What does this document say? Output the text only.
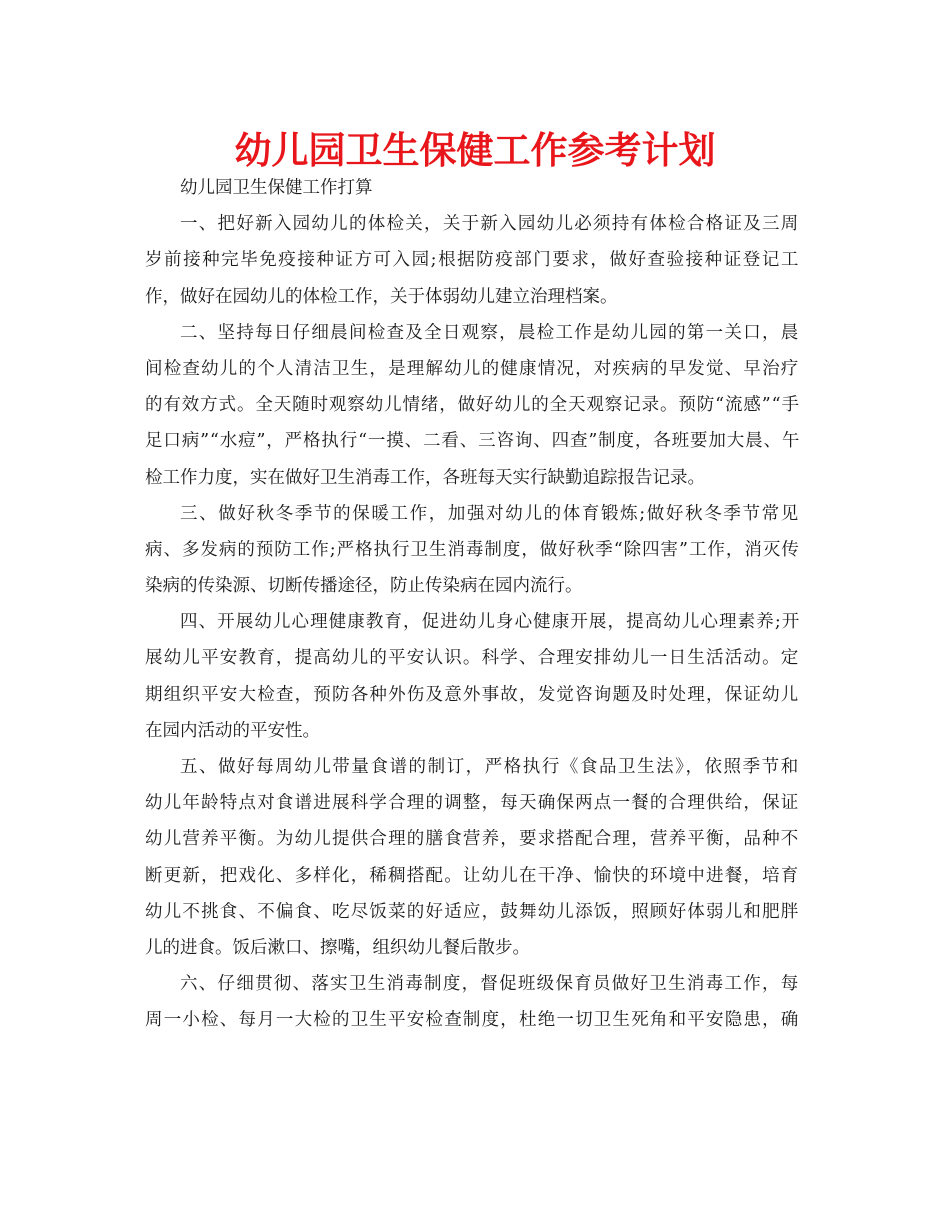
幼儿园卫生保健工作参考计划
幼儿园卫生保健工作打算
一、把好新入园幼儿的体检关，关于新入园幼儿必须持有体检合格证及三周
岁前接种完毕免疫接种证方可入园;根据防疫部门要求，做好查验接种证登记工
作，做好在园幼儿的体检工作，关于体弱幼儿建立治理档案。
二、坚持每日仔细晨间检查及全日观察，晨检工作是幼儿园的第一关口，晨
间检查幼儿的个人清洁卫生，是理解幼儿的健康情况，对疾病的早发觉、早治疗
的有效方式。全天随时观察幼儿情绪，做好幼儿的全天观察记录。预防“流感”“手
足口病”“水痘”，严格执行“一摸、二看、三咨询、四查”制度，各班要加大晨、午
检工作力度，实在做好卫生消毒工作，各班每天实行缺勤追踪报告记录。
三、做好秋冬季节的保暖工作，加强对幼儿的体育锻炼;做好秋冬季节常见
病、多发病的预防工作;严格执行卫生消毒制度，做好秋季“除四害”工作，消灭传
染病的传染源、切断传播途径，防止传染病在园内流行。
四、开展幼儿心理健康教育，促进幼儿身心健康开展，提高幼儿心理素养;开
展幼儿平安教育，提高幼儿的平安认识。科学、合理安排幼儿一日生活活动。定
期组织平安大检查，预防各种外伤及意外事故，发觉咨询题及时处理，保证幼儿
在园内活动的平安性。
五、做好每周幼儿带量食谱的制订，严格执行《食品卫生法》，依照季节和
幼儿年龄特点对食谱进展科学合理的调整，每天确保两点一餐的合理供给，保证
幼儿营养平衡。为幼儿提供合理的膳食营养，要求搭配合理，营养平衡，品种不
断更新，把戏化、多样化，稀稠搭配。让幼儿在干净、愉快的环境中进餐，培育
幼儿不挑食、不偏食、吃尽饭菜的好适应，鼓舞幼儿添饭，照顾好体弱儿和肥胖
儿的进食。饭后漱口、擦嘴，组织幼儿餐后散步。
六、仔细贯彻、落实卫生消毒制度，督促班级保育员做好卫生消毒工作，每
周一小检、每月一大检的卫生平安检查制度，杜绝一切卫生死角和平安隐患，确
